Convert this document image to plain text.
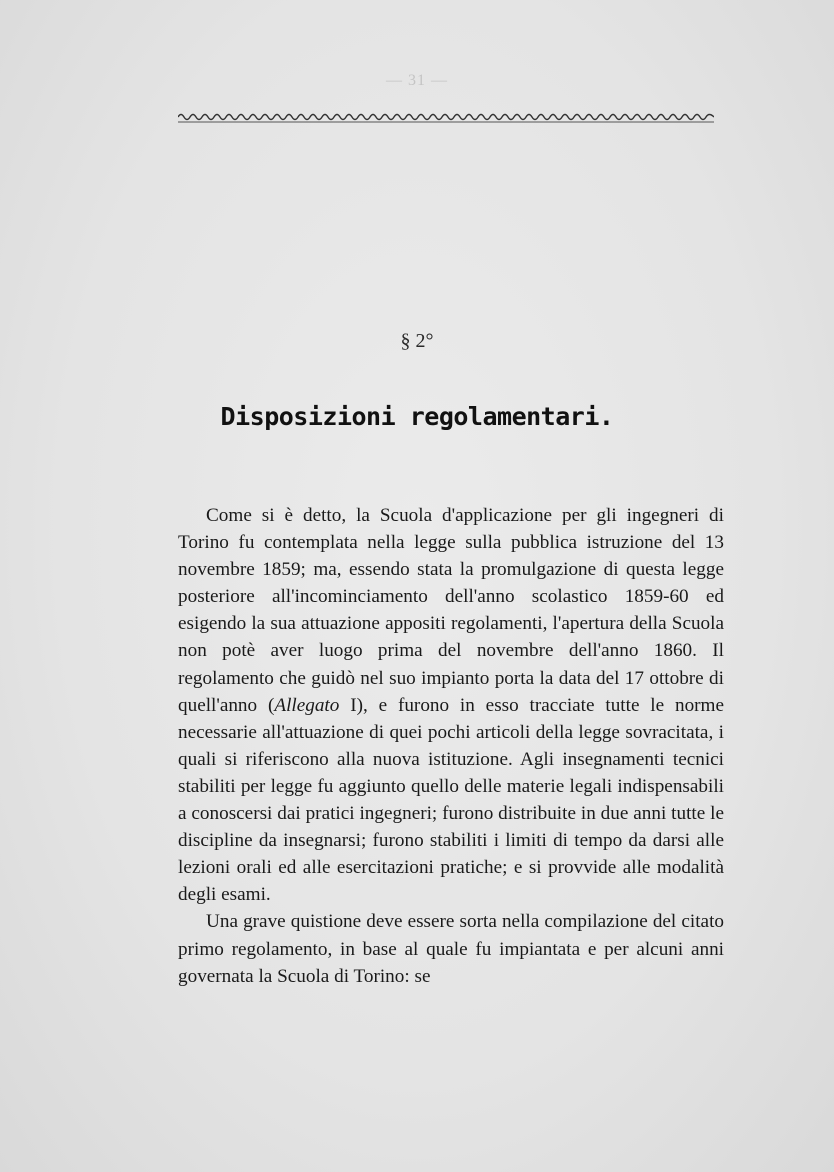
— 31 —
§ 2°
Disposizioni regolamentari.

Come si è detto, la Scuola d'applicazione per gli ingegneri di Torino fu contemplata nella legge sulla pubblica istruzione del 13 novembre 1859; ma, essendo stata la promulgazione di questa legge posteriore all'incominciamento dell'anno scolastico 1859-60 ed esigendo la sua attuazione appositi regolamenti, l'apertura della Scuola non potè aver luogo prima del novembre dell'anno 1860. Il regolamento che guidò nel suo impianto porta la data del 17 ottobre di quell'anno (Allegato I), e furono in esso tracciate tutte le norme necessarie all'attuazione di quei pochi articoli della legge sovracitata, i quali si riferiscono alla nuova istituzione. Agli insegnamenti tecnici stabiliti per legge fu aggiunto quello delle materie legali indispensabili a conoscersi dai pratici ingegneri; furono distribuite in due anni tutte le discipline da insegnarsi; furono stabiliti i limiti di tempo da darsi alle lezioni orali ed alle esercitazioni pratiche; e si provvide alle modalità degli esami.

Una grave quistione deve essere sorta nella compilazione del citato primo regolamento, in base al quale fu impiantata e per alcuni anni governata la Scuola di Torino: se
